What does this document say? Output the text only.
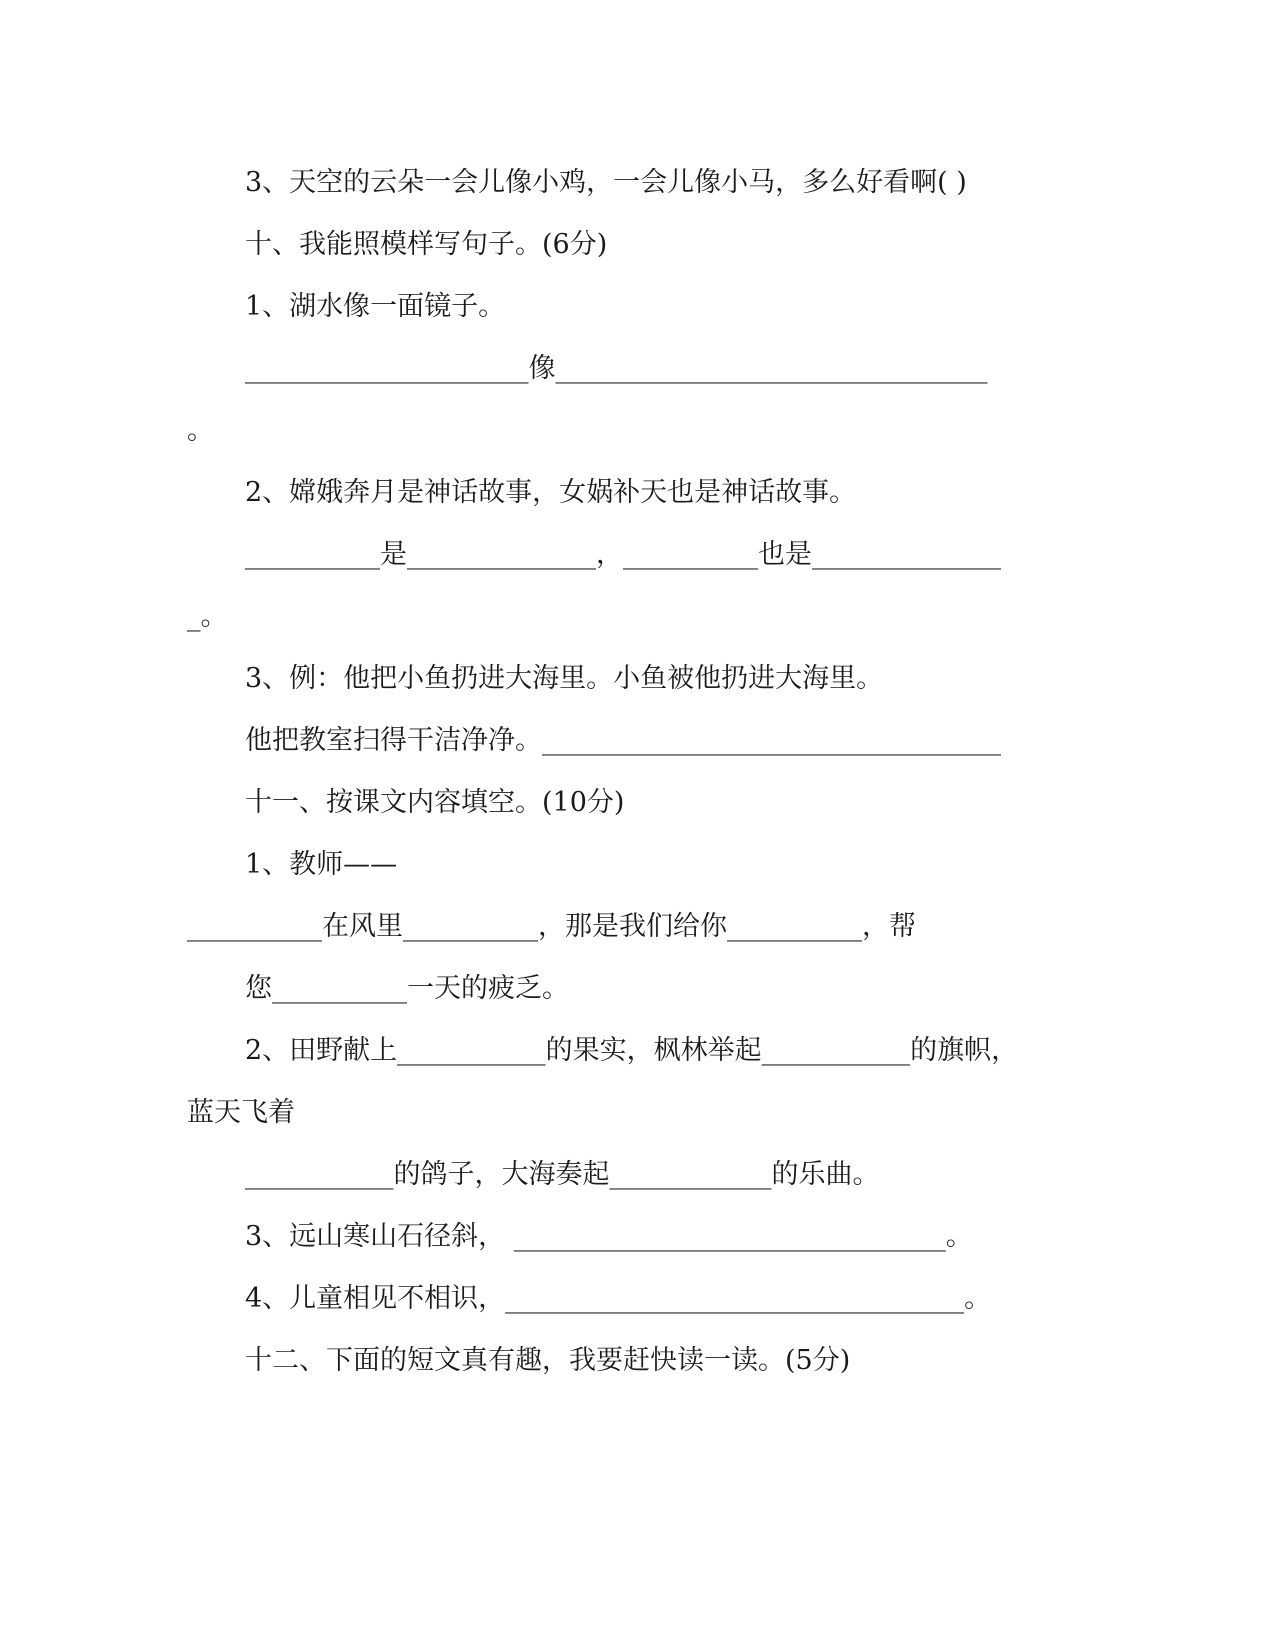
3、天空的云朵一会儿像小鸡，一会儿像小马，多么好看啊( )
十、我能照模样写句子。(6分)
1、湖水像一面镜子。
_____________________像________________________________
。
2、嫦娥奔月是神话故事，女娲补天也是神话故事。
__________是______________，__________也是______________
_。
3、例：他把小鱼扔进大海里。小鱼被他扔进大海里。
他把教室扫得干洁净净。__________________________________
十一、按课文内容填空。(10分)
1、教师——
__________在风里__________，那是我们给你__________，帮
您__________一天的疲乏。
2、田野献上___________的果实，枫林举起___________的旗帜，
蓝天飞着
___________的鸽子，大海奏起____________的乐曲。
3、远山寒山石径斜， ________________________________。
4、儿童相见不相识，__________________________________。
十二、下面的短文真有趣，我要赶快读一读。(5分)
